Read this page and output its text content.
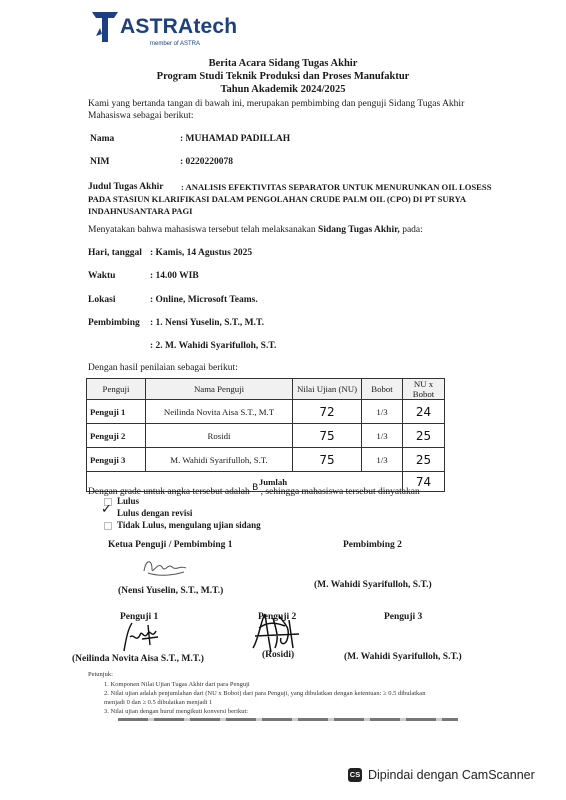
ASTRAtech
member of ASTRA
Berita Acara Sidang Tugas Akhir
Program Studi Teknik Produksi dan Proses Manufaktur
Tahun Akademik 2024/2025
Kami yang bertanda tangan di bawah ini, merupakan pembimbing dan penguji Sidang Tugas Akhir
Mahasiswa sebagai berikut:
Nama	: MUHAMAD PADILLAH
NIM	: 0220220078
Judul Tugas Akhir : ANALISIS EFEKTIVITAS SEPARATOR UNTUK MENURUNKAN OIL LOSESS
PADA STASIUN KLARIFIKASI DALAM PENGOLAHAN CRUDE PALM OIL (CPO) DI PT SURYA
INDAHNUSANTARA PAGI
Menyatakan bahwa mahasiswa tersebut telah melaksanakan Sidang Tugas Akhir, pada:
Hari, tanggal : Kamis, 14 Agustus 2025
Waktu	: 14.00 WIB
Lokasi	: Online, Microsoft Teams.
Pembimbing : 1. Nensi Yuselin, S.T., M.T.
: 2. M. Wahidi Syarifulloh, S.T.
Dengan hasil penilaian sebagai berikut:
Penguji	Nama Penguji	Nilai Ujian (NU)	Bobot	NU x Bobot
Penguji 1	Neilinda Novita Aisa S.T., M.T	72	1/3	24
Penguji 2	Rosidi	75	1/3	25
Penguji 3	M. Wahidi Syarifulloh, S.T.	75	1/3	25
Jumlah				74
Dengan grade untuk angka tersebut adalah B , sehingga mahasiswa tersebut dinyatakan
Lulus
✓ Lulus dengan revisi
Tidak Lulus, mengulang ujian sidang
Ketua Penguji / Pembimbing 1	Pembimbing 2
(Nensi Yuselin, S.T., M.T.)
(M. Wahidi Syarifulloh, S.T.)
Penguji 1	Penguji 2	Penguji 3
(Neilinda Novita Aisa S.T., M.T.)	(Rosidi)	(M. Wahidi Syarifulloh, S.T.)
Petunjuk:
1. Komponen Nilai Ujian Tugas Akhir dari para Penguji
2. Nilai ujian adalah penjumlahan dari (NU x Bobot) dari para Penguji, yang dibulatkan dengan ketentuan: ≥ 0.5 dibulatkan
menjadi 0 dan ≥ 0.5 dibulatkan menjadi 1
3. Nilai ujian dengan huruf mengikuti konversi berikut:
CS Dipindai dengan CamScanner
